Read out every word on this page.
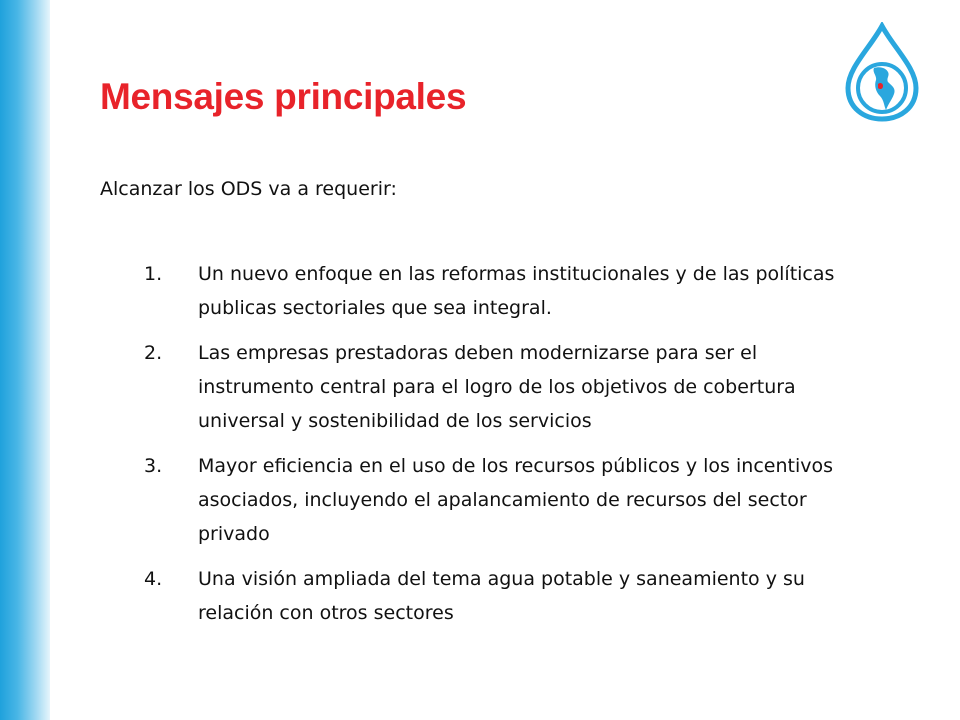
Mensajes principales

Alcanzar los ODS va a requerir:

1.	Un nuevo enfoque en las reformas institucionales y de las políticas publicas sectoriales que sea integral.
2.	Las empresas prestadoras deben modernizarse para ser el instrumento central para el logro de los objetivos de cobertura universal y sostenibilidad de los servicios
3.	Mayor eficiencia en el uso de los recursos públicos y los incentivos asociados, incluyendo el apalancamiento de recursos del sector privado
4.	Una visión ampliada del tema agua potable y saneamiento y su relación con otros sectores
